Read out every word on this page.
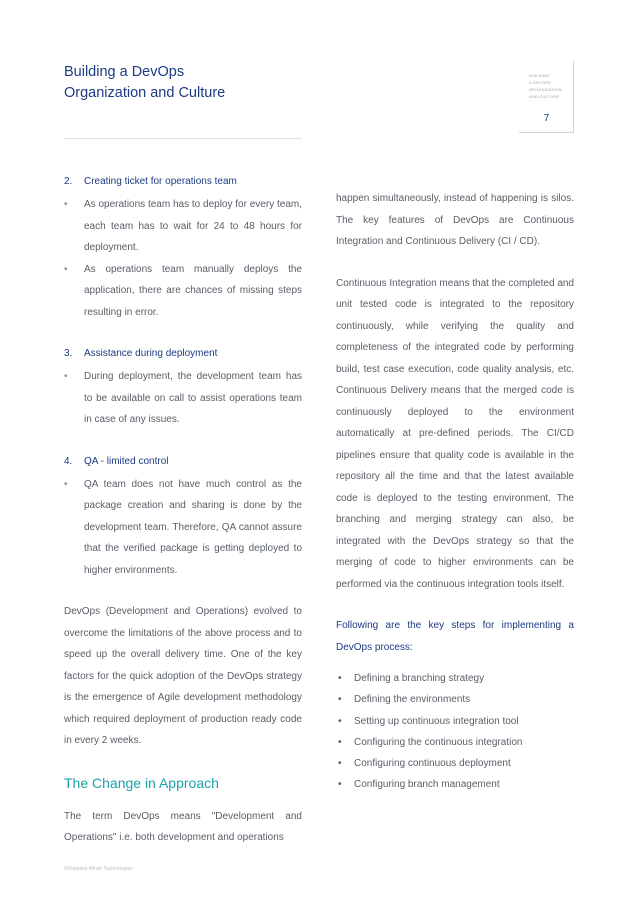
Building a DevOps
Organization and Culture
BUILDING
A DEVOPS
ORGANIZATION
AND CULTURE
7
2. Creating ticket for operations team
• As operations team has to deploy for every team, each team has to wait for 24 to 48 hours for deployment.
• As operations team manually deploys the application, there are chances of missing steps resulting in error.
3. Assistance during deployment
• During deployment, the development team has to be available on call to assist operations team in case of any issues.
4. QA - limited control
• QA team does not have much control as the package creation and sharing is done by the development team. Therefore, QA cannot assure that the verified package is getting deployed to higher environments.
DevOps (Development and Operations) evolved to overcome the limitations of the above process and to speed up the overall delivery time. One of the key factors for the quick adoption of the DevOps strategy is the emergence of Agile development methodology which required deployment of production ready code in every 2 weeks.
The Change in Approach
The term DevOps means "Development and Operations" i.e. both development and operations
happen simultaneously, instead of happening is silos. The key features of DevOps are Continuous Integration and Continuous Delivery (CI / CD).
Continuous Integration means that the completed and unit tested code is integrated to the repository continuously, while verifying the quality and completeness of the integrated code by performing build, test case execution, code quality analysis, etc. Continuous Delivery means that the merged code is continuously deployed to the environment automatically at pre-defined periods. The CI/CD pipelines ensure that quality code is available in the repository all the time and that the latest available code is deployed to the testing environment. The branching and merging strategy can also, be integrated with the DevOps strategy so that the merging of code to higher environments can be performed via the continuous integration tools itself.
Following are the key steps for implementing a DevOps process:
• Defining a branching strategy
• Defining the environments
• Setting up continuous integration tool
• Configuring the continuous integration
• Configuring continuous deployment
• Configuring branch management
©Happiest Minds Technologies
